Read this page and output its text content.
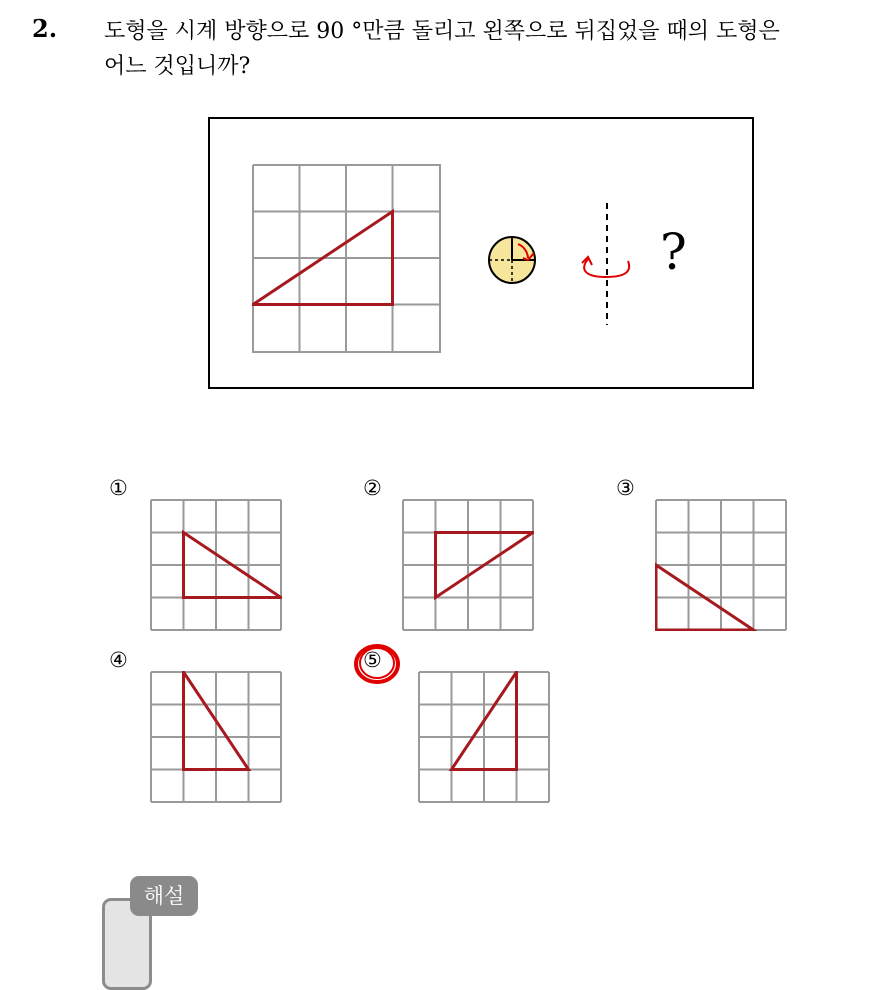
2. 도형을 시계 방향으로 90 °만큼 돌리고 왼쪽으로 뒤집었을 때의 도형은
어느 것입니까?
?
①	②	③
④	⑤
해설
